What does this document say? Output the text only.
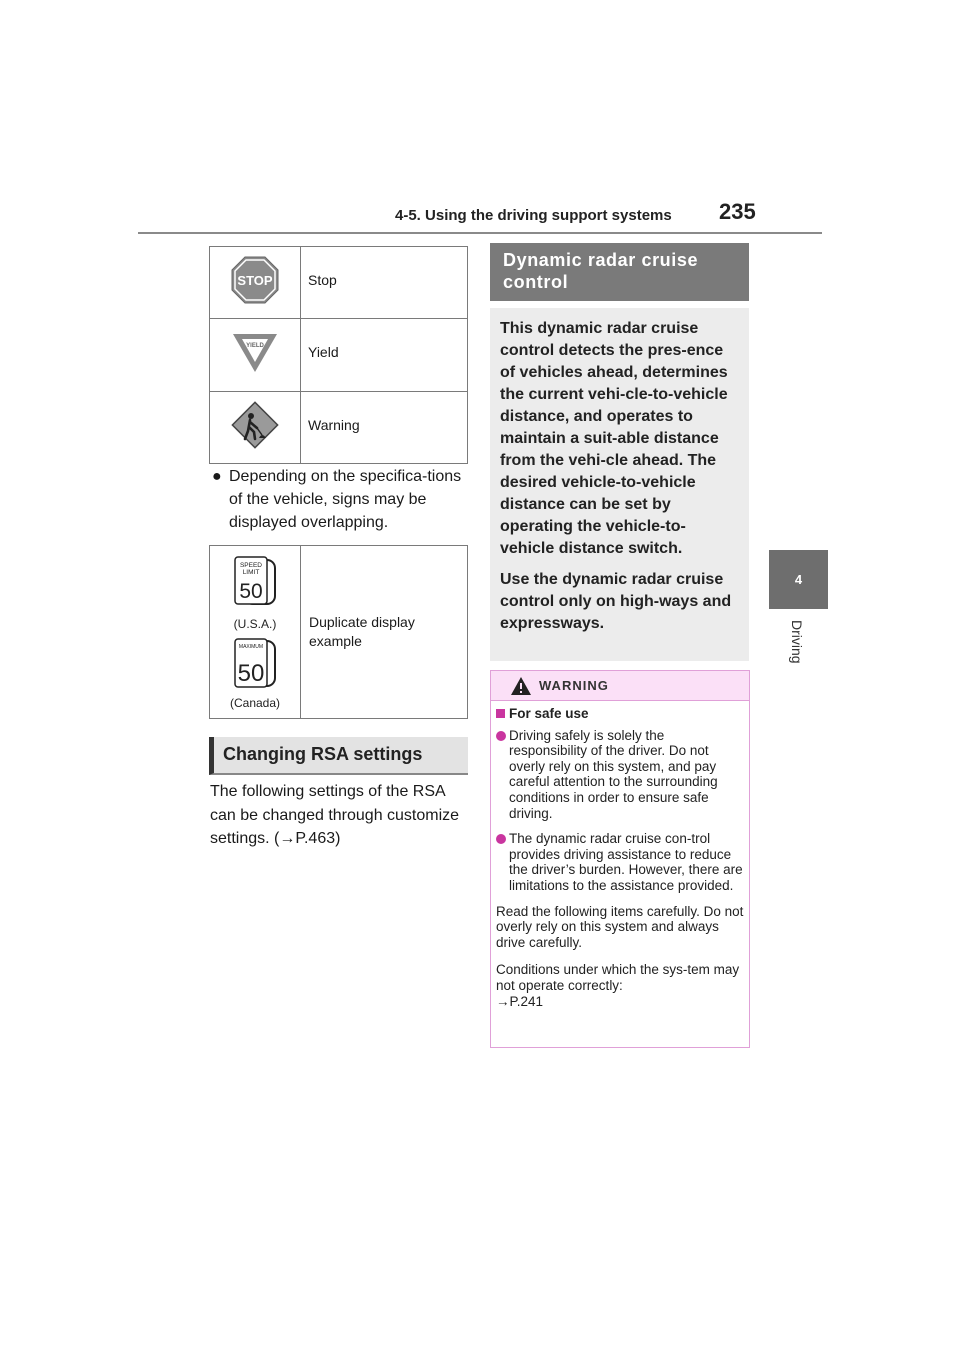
4-5. Using the driving support systems 235
4
Driving
STOP	Stop

YIELD	Yield
	Warning
● Depending on the specifica-tions of the vehicle, signs may be displayed overlapping.
SPEED
LIMIT
50
(U.S.A.)
MAXIMUM
50
(Canada)
	Duplicate display example
Changing RSA settings
The following settings of the RSA can be changed through customize settings. (→P.463)
Dynamic radar cruise
control

This dynamic radar cruise control detects the pres-ence of vehicles ahead, determines the current vehi-cle-to-vehicle distance, and operates to maintain a suit-able distance from the vehi-cle ahead. The desired vehicle-to-vehicle distance can be set by operating the vehicle-to-vehicle distance switch.

Use the dynamic radar cruise control only on high-ways and expressways.

WARNING
For safe use
Driving safely is solely the responsibility of the driver. Do not overly rely on this system, and pay careful attention to the surrounding conditions in order to ensure safe driving.
The dynamic radar cruise con-trol provides driving assistance to reduce the driver’s burden. However, there are limitations to the assistance provided.

Read the following items carefully. Do not overly rely on this system and always drive carefully.

Conditions under which the sys-tem may not operate correctly:
→P.241
